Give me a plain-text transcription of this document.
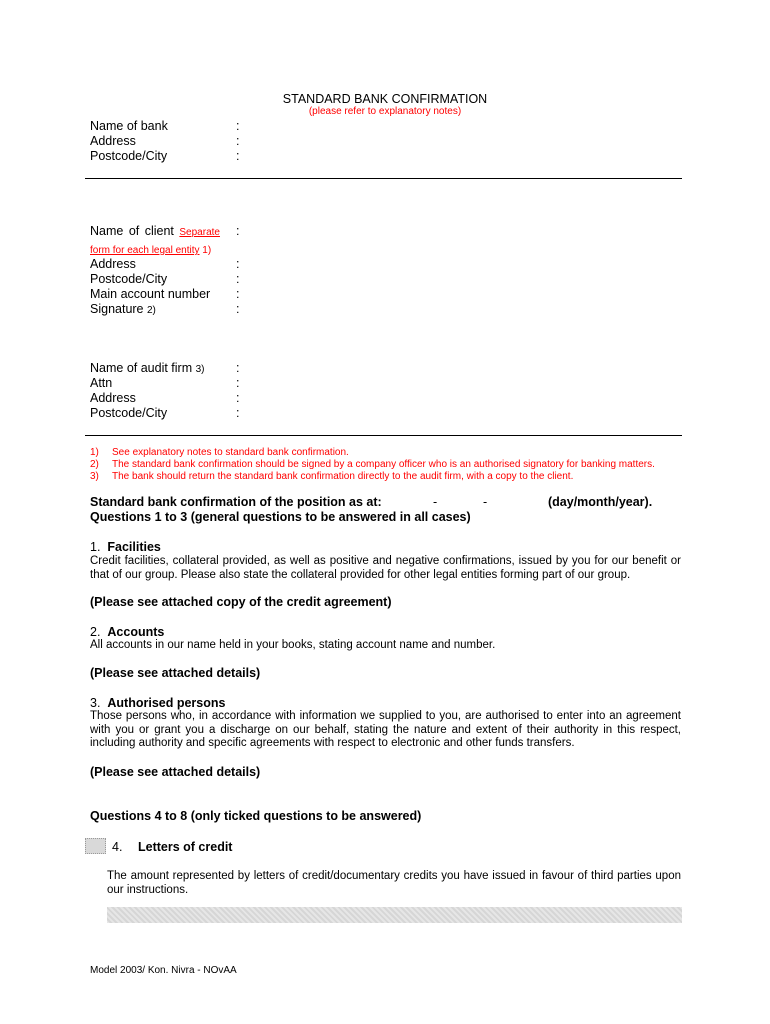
STANDARD BANK CONFIRMATION
(please refer to explanatory notes)
Name of bank	:
Address	:
Postcode/City	:
Name of client Separate :
form for each legal entity 1)
Address	:
Postcode/City	:
Main account number :
Signature 2)	:
Name of audit firm 3)	:
Attn	:
Address	:
Postcode/City	:
1) See explanatory notes to standard bank confirmation.
2) The standard bank confirmation should be signed by a company officer who is an authorised signatory for banking matters.
3) The bank should return the standard bank confirmation directly to the audit firm, with a copy to the client.
Standard bank confirmation of the position as at:	-	-	(day/month/year).
Questions 1 to 3 (general questions to be answered in all cases)
1. Facilities
Credit facilities, collateral provided, as well as positive and negative confirmations, issued by you for our benefit or that of our group. Please also state the collateral provided for other legal entities forming part of our group.
(Please see attached copy of the credit agreement)
2. Accounts
All accounts in our name held in your books, stating account name and number.
(Please see attached details)
3. Authorised persons
Those persons who, in accordance with information we supplied to you, are authorised to enter into an agreement with you or grant you a discharge on our behalf, stating the nature and extent of their authority in this respect, including authority and specific agreements with respect to electronic and other funds transfers.
(Please see attached details)
Questions 4 to 8 (only ticked questions to be answered)
4. Letters of credit
The amount represented by letters of credit/documentary credits you have issued in favour of third parties upon our instructions.
Model 2003/ Kon. Nivra - NOvAA
